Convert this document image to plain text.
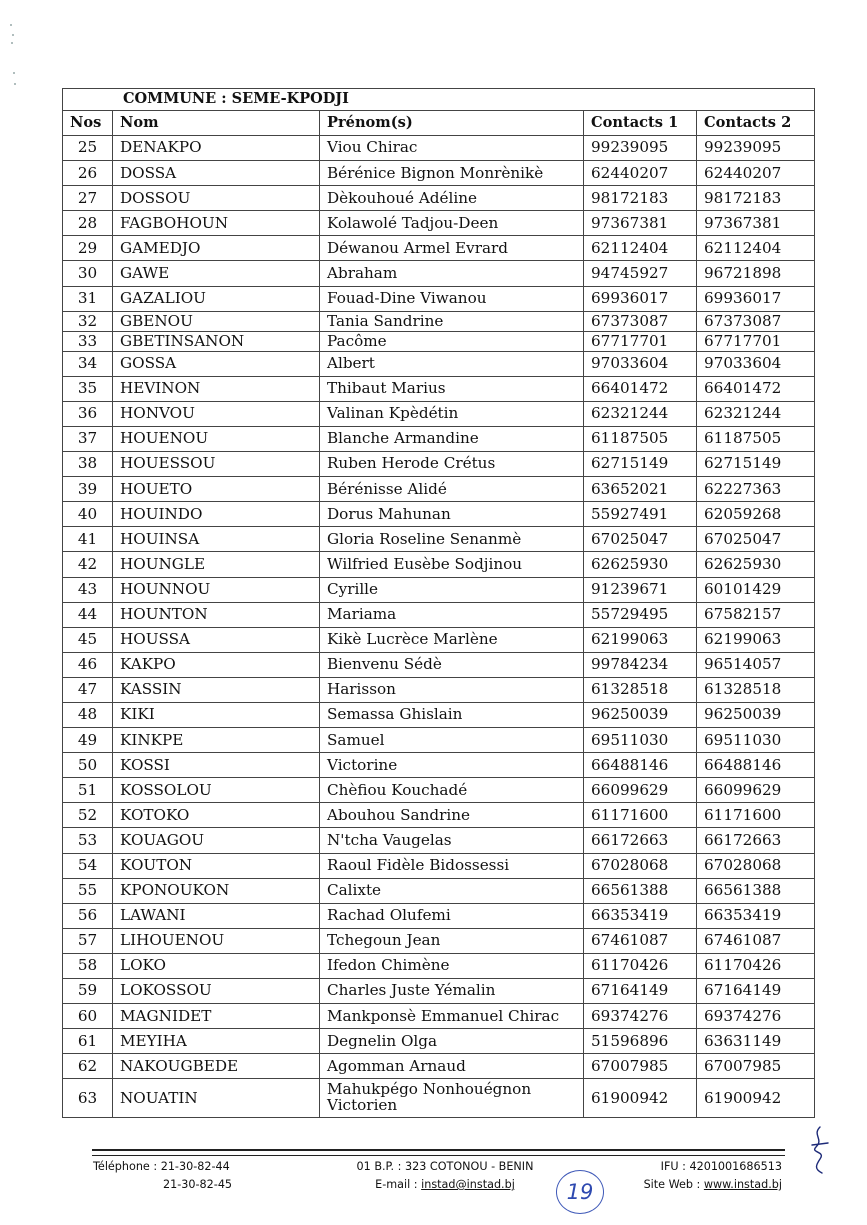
COMMUNE : SEME-KPODJI				
Nos	Nom	Prénom(s)	Contacts 1	Contacts 2
25	DENAKPO	Viou Chirac	99239095	99239095
26	DOSSA	Bérénice Bignon Monrènikè	62440207	62440207
27	DOSSOU	Dèkouhoué Adéline	98172183	98172183
28	FAGBOHOUN	Kolawolé Tadjou-Deen	97367381	97367381
29	GAMEDJO	Déwanou Armel Evrard	62112404	62112404
30	GAWE	Abraham	94745927	96721898
31	GAZALIOU	Fouad-Dine Viwanou	69936017	69936017
32	GBENOU	Tania Sandrine	67373087	67373087
33	GBETINSANON	Pacôme	67717701	67717701
34	GOSSA	Albert	97033604	97033604
35	HEVINON	Thibaut Marius	66401472	66401472
36	HONVOU	Valinan Kpèdétin	62321244	62321244
37	HOUENOU	Blanche Armandine	61187505	61187505
38	HOUESSOU	Ruben Herode Crétus	62715149	62715149
39	HOUETO	Bérénisse Alidé	63652021	62227363
40	HOUINDO	Dorus Mahunan	55927491	62059268
41	HOUINSA	Gloria Roseline Senanmè	67025047	67025047
42	HOUNGLE	Wilfried Eusèbe Sodjinou	62625930	62625930
43	HOUNNOU	Cyrille	91239671	60101429
44	HOUNTON	Mariama	55729495	67582157
45	HOUSSA	Kikè Lucrèce Marlène	62199063	62199063
46	KAKPO	Bienvenu Sédè	99784234	96514057
47	KASSIN	Harisson	61328518	61328518
48	KIKI	Semassa Ghislain	96250039	96250039
49	KINKPE	Samuel	69511030	69511030
50	KOSSI	Victorine	66488146	66488146
51	KOSSOLOU	Chèfiou Kouchadé	66099629	66099629
52	KOTOKO	Abouhou Sandrine	61171600	61171600
53	KOUAGOU	N'tcha Vaugelas	66172663	66172663
54	KOUTON	Raoul Fidèle Bidossessi	67028068	67028068
55	KPONOUKON	Calixte	66561388	66561388
56	LAWANI	Rachad Olufemi	66353419	66353419
57	LIHOUENOU	Tchegoun Jean	67461087	67461087
58	LOKO	Ifedon Chimène	61170426	61170426
59	LOKOSSOU	Charles Juste Yémalin	67164149	67164149
60	MAGNIDET	Mankponsè Emmanuel Chirac	69374276	69374276
61	MEYIHA	Degnelin Olga	51596896	63631149
62	NAKOUGBEDE	Agomman Arnaud	67007985	67007985
63	NOUATIN	Mahukpégo Nonhouégnon Victorien	61900942	61900942
Téléphone : 21-30-82-44
21-30-82-45
01 B.P. : 323 COTONOU - BENIN
E-mail : instad@instad.bj	19
IFU : 4201001686513
Site Web : www.instad.bj
